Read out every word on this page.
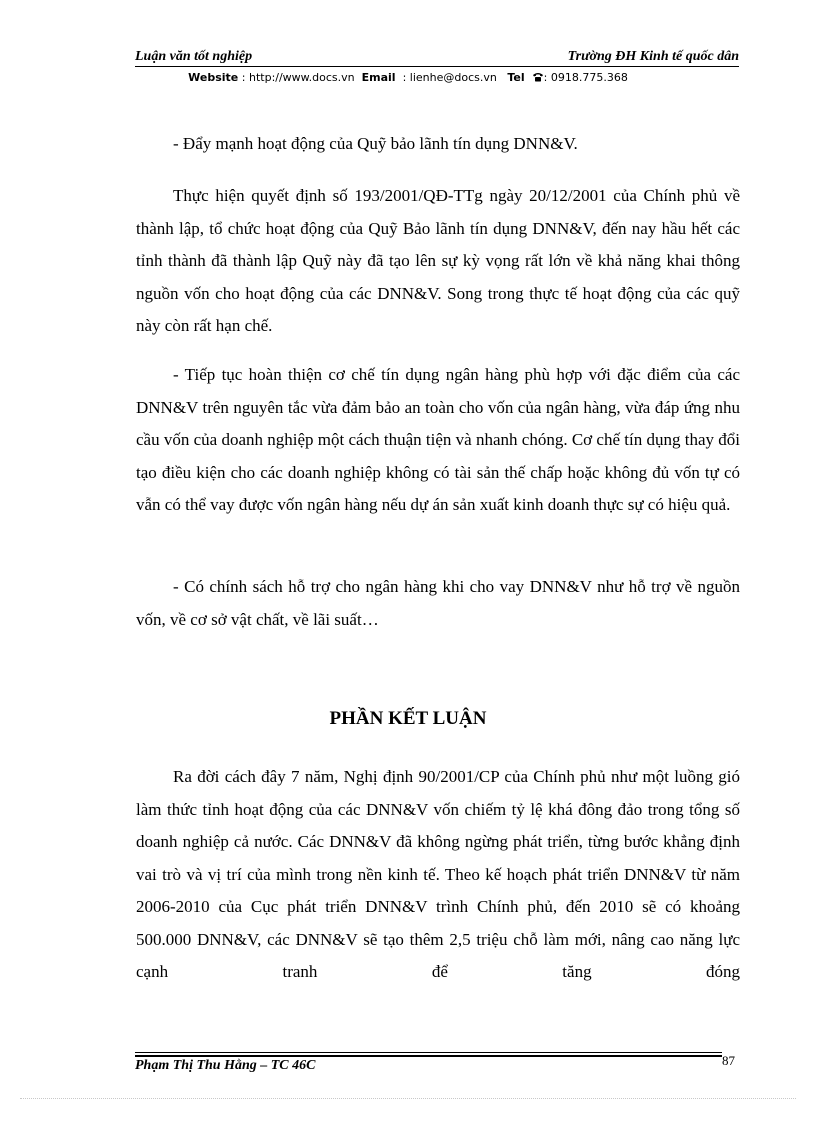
Luận văn tốt nghiệp	Trường ĐH Kinh tế quốc dân
Website : http://www.docs.vn Email : lienhe@docs.vn Tel : 0918.775.368

- Đẩy mạnh hoạt động của Quỹ bảo lãnh tín dụng DNN&V.

Thực hiện quyết định số 193/2001/QĐ-TTg ngày 20/12/2001 của Chính phủ về thành lập, tổ chức hoạt động của Quỹ Bảo lãnh tín dụng DNN&V, đến nay hầu hết các tỉnh thành đã thành lập Quỹ này đã tạo lên sự kỳ vọng rất lớn về khả năng khai thông nguồn vốn cho hoạt động của các DNN&V. Song trong thực tế hoạt động của các quỹ này còn rất hạn chế.

- Tiếp tục hoàn thiện cơ chế tín dụng ngân hàng phù hợp với đặc điểm của các DNN&V trên nguyên tắc vừa đảm bảo an toàn cho vốn của ngân hàng, vừa đáp ứng nhu cầu vốn của doanh nghiệp một cách thuận tiện và nhanh chóng. Cơ chế tín dụng thay đổi tạo điều kiện cho các doanh nghiệp không có tài sản thế chấp hoặc không đủ vốn tự có vẫn có thể vay được vốn ngân hàng nếu dự án sản xuất kinh doanh thực sự có hiệu quả.

- Có chính sách hỗ trợ cho ngân hàng khi cho vay DNN&V như hỗ trợ về nguồn vốn, về cơ sở vật chất, về lãi suất…

PHẦN KẾT LUẬN

Ra đời cách đây 7 năm, Nghị định 90/2001/CP của Chính phủ như một luồng gió làm thức tỉnh hoạt động của các DNN&V vốn chiếm tỷ lệ khá đông đảo trong tổng số doanh nghiệp cả nước. Các DNN&V đã không ngừng phát triển, từng bước khẳng định vai trò và vị trí của mình trong nền kinh tế. Theo kế hoạch phát triển DNN&V từ năm 2006-2010 của Cục phát triển DNN&V trình Chính phủ, đến 2010 sẽ có khoảng 500.000 DNN&V, các DNN&V sẽ tạo thêm 2,5 triệu chỗ làm mới, nâng cao năng lực cạnh tranh để tăng đóng

Phạm Thị Thu Hằng – TC 46C	87
